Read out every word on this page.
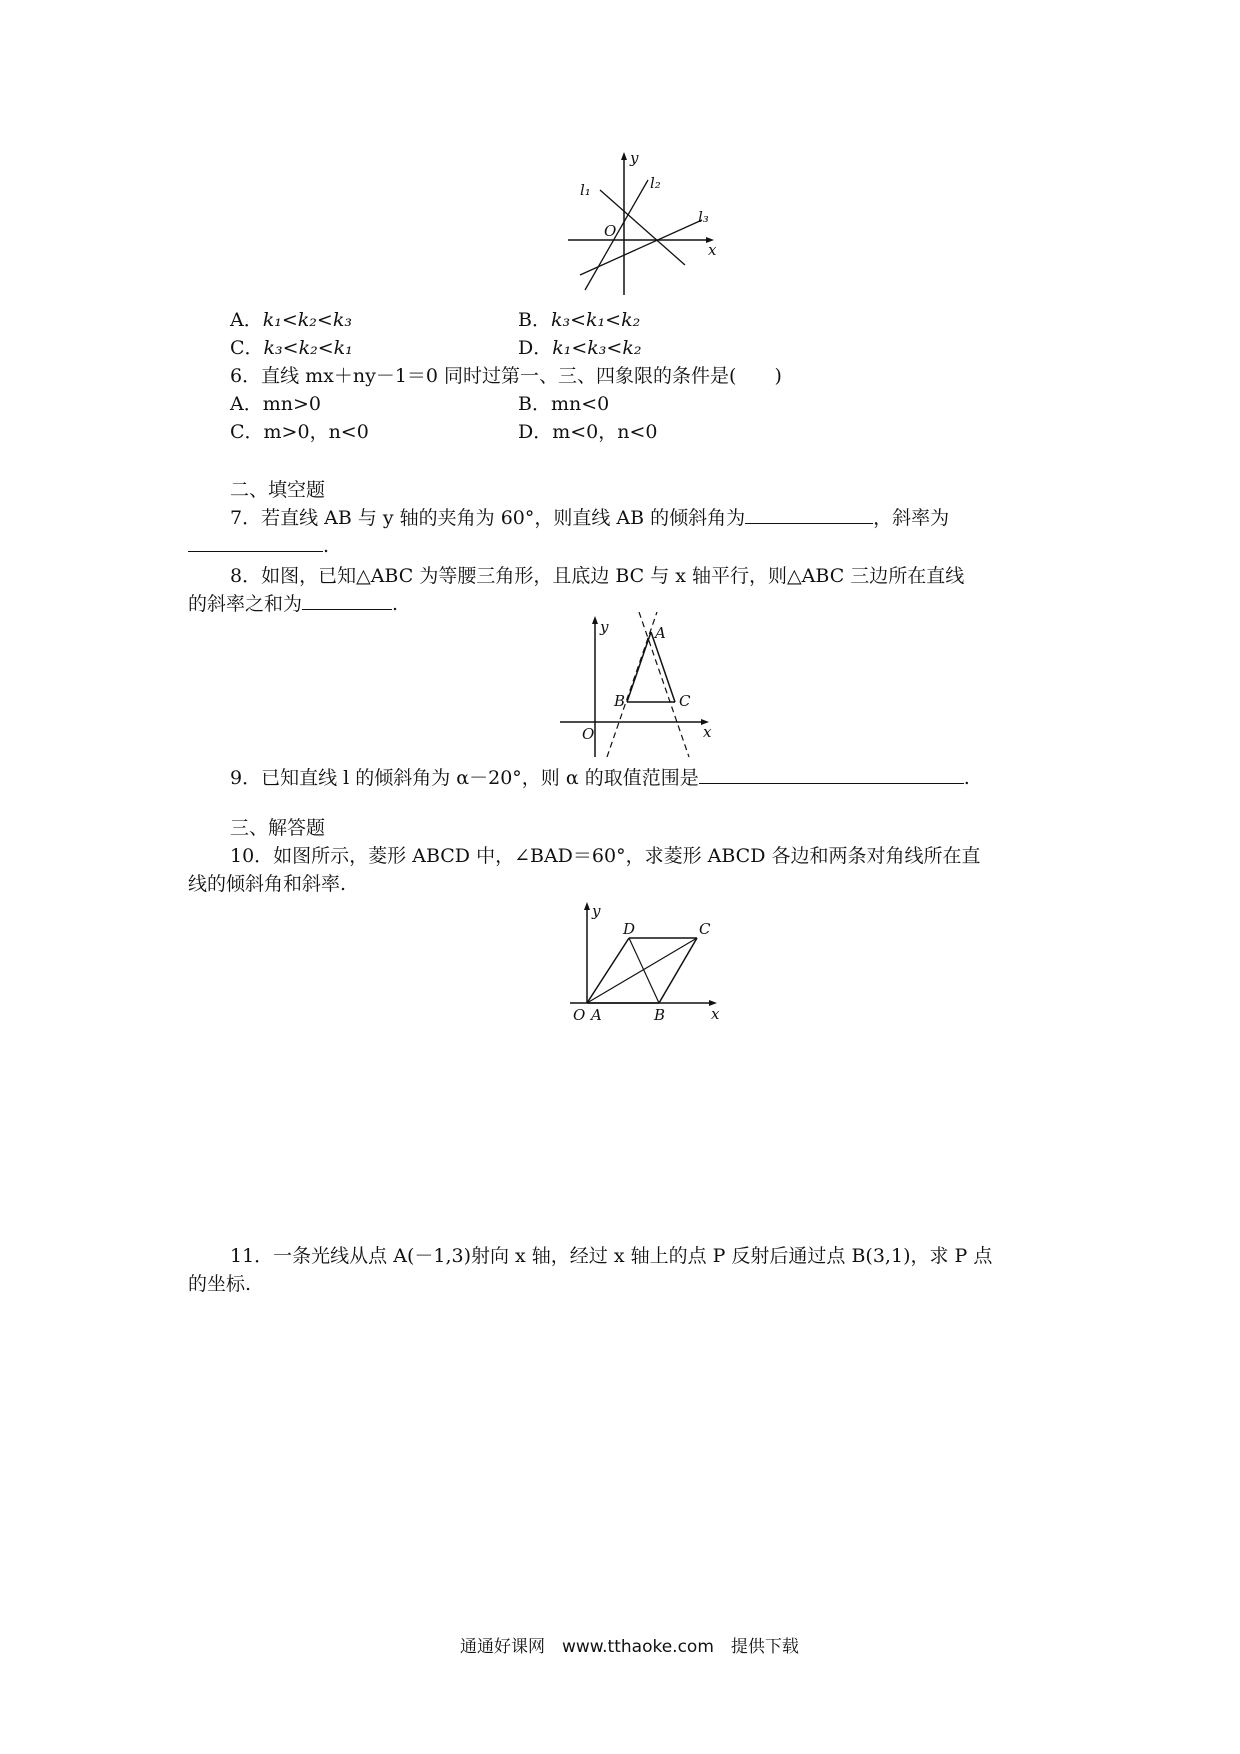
y
x
O
l₁	l₂
l₃
A．k₁<k₂<k₃	B．k₃<k₁<k₂
C．k₃<k₂<k₁	D．k₁<k₃<k₂
6．直线 mx＋ny－1＝0 同时过第一、三、四象限的条件是(　　)
A．mn>0	B．mn<0
C．m>0，n<0	D．m<0，n<0
二、填空题
7．若直线 AB 与 y 轴的夹角为 60°，则直线 AB 的倾斜角为	，斜率为
.
8．如图，已知△ABC 为等腰三角形，且底边 BC 与 x 轴平行，则△ABC 三边所在直线
的斜率之和为	.
y
x
O
A
B	C
9．已知直线 l 的倾斜角为 α－20°，则 α 的取值范围是	.
三、解答题
10．如图所示，菱形 ABCD 中，∠BAD＝60°，求菱形 ABCD 各边和两条对角线所在直
线的倾斜角和斜率.
y
x
O A	B
C
D
11．一条光线从点 A(－1,3)射向 x 轴，经过 x 轴上的点 P 反射后通过点 B(3,1)，求 P 点
的坐标.
通通好课网　www.tthaoke.com　提供下载
